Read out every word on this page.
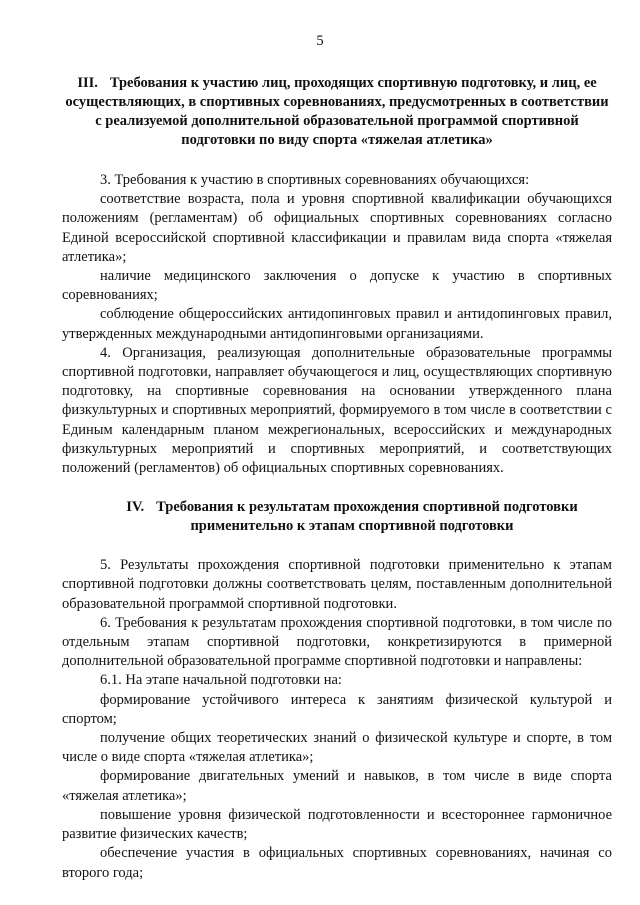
5
III. Требования к участию лиц, проходящих спортивную подготовку, и лиц, ее осуществляющих, в спортивных соревнованиях, предусмотренных в соответствии с реализуемой дополнительной образовательной программой спортивной подготовки по виду спорта «тяжелая атлетика»

3. Требования к участию в спортивных соревнованиях обучающихся:

соответствие возраста, пола и уровня спортивной квалификации обучающихся положениям (регламентам) об официальных спортивных соревнованиях согласно Единой всероссийской спортивной классификации и правилам вида спорта «тяжелая атлетика»;

наличие медицинского заключения о допуске к участию в спортивных соревнованиях;

соблюдение общероссийских антидопинговых правил и антидопинговых правил, утвержденных международными антидопинговыми организациями.

4. Организация, реализующая дополнительные образовательные программы спортивной подготовки, направляет обучающегося и лиц, осуществляющих спортивную подготовку, на спортивные соревнования на основании утвержденного плана физкультурных и спортивных мероприятий, формируемого в том числе в соответствии с Единым календарным планом межрегиональных, всероссийских и международных физкультурных мероприятий и спортивных мероприятий, и соответствующих положений (регламентов) об официальных спортивных соревнованиях.

IV. Требования к результатам прохождения спортивной подготовки применительно к этапам спортивной подготовки

5. Результаты прохождения спортивной подготовки применительно к этапам спортивной подготовки должны соответствовать целям, поставленным дополнительной образовательной программой спортивной подготовки.

6. Требования к результатам прохождения спортивной подготовки, в том числе по отдельным этапам спортивной подготовки, конкретизируются в примерной дополнительной образовательной программе спортивной подготовки и направлены:

6.1. На этапе начальной подготовки на:

формирование устойчивого интереса к занятиям физической культурой и спортом;

получение общих теоретических знаний о физической культуре и спорте, в том числе о виде спорта «тяжелая атлетика»;

формирование двигательных умений и навыков, в том числе в виде спорта «тяжелая атлетика»;

повышение уровня физической подготовленности и всестороннее гармоничное развитие физических качеств;

обеспечение участия в официальных спортивных соревнованиях, начиная со второго года;
